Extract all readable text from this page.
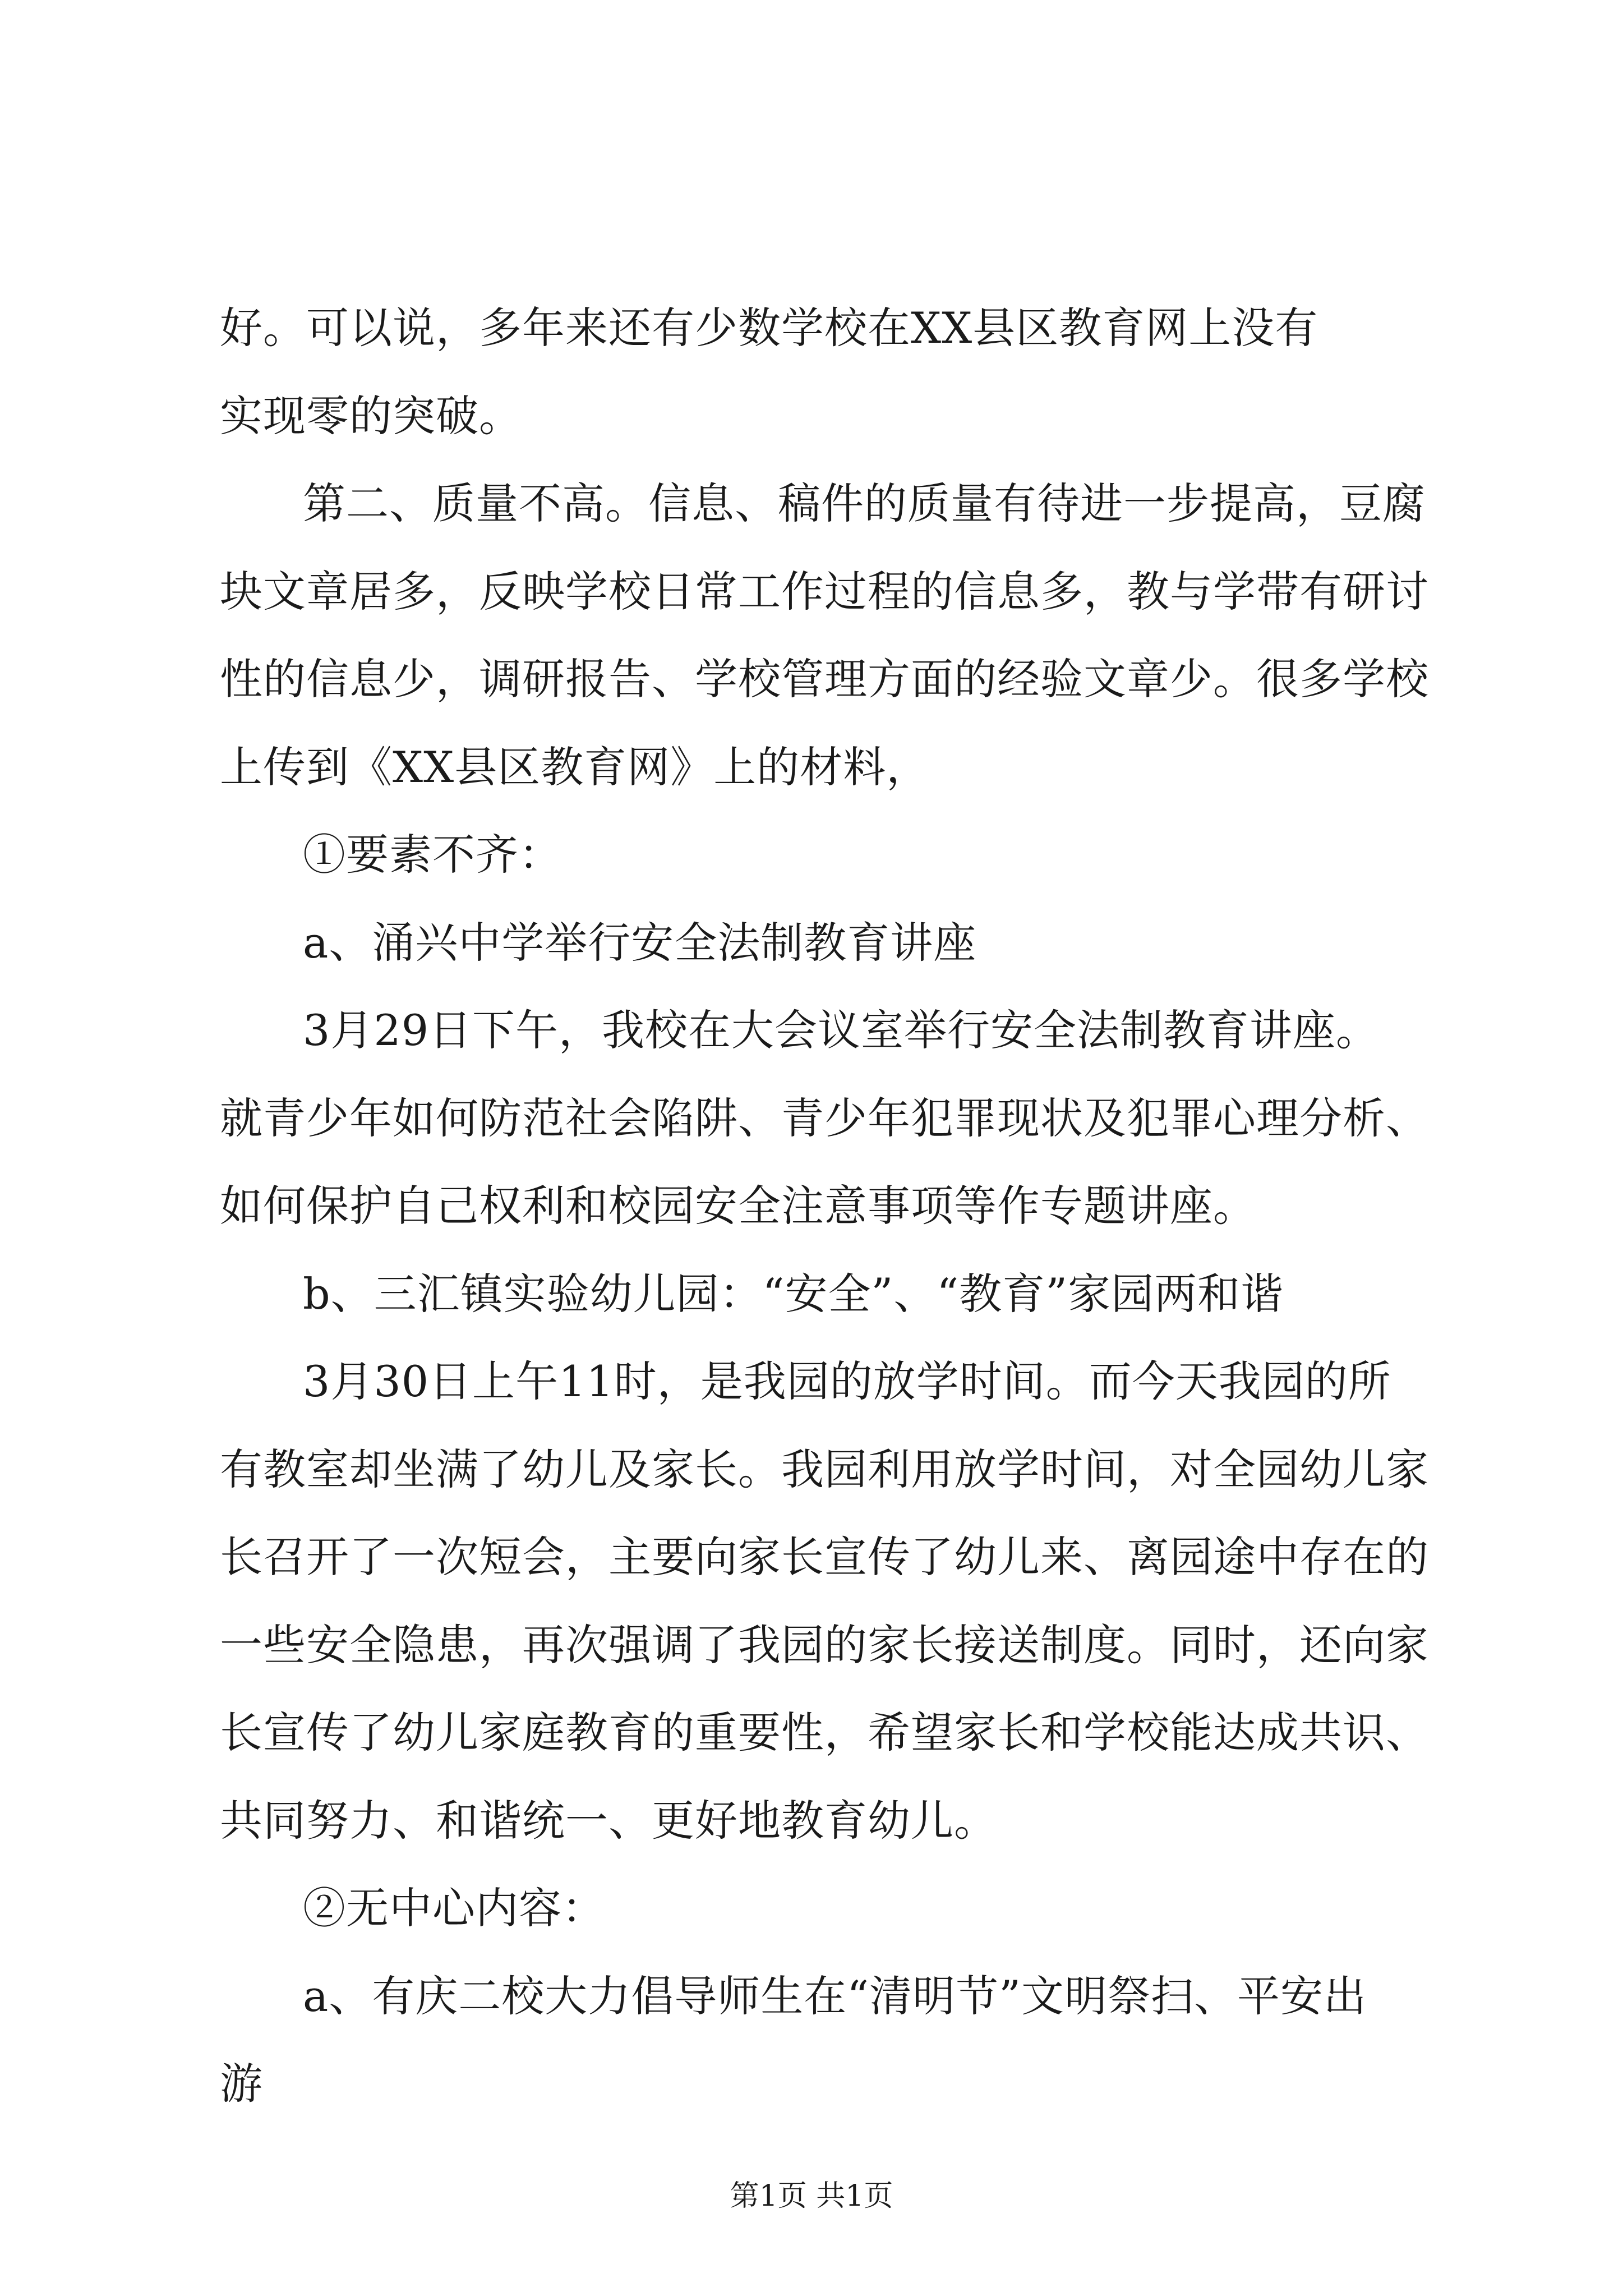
好。可以说，多年来还有少数学校在XX县区教育网上没有
实现零的突破。
第二、质量不高。信息、稿件的质量有待进一步提高，豆腐
块文章居多，反映学校日常工作过程的信息多，教与学带有研讨
性的信息少，调研报告、学校管理方面的经验文章少。很多学校
上传到《XX县区教育网》上的材料，
①要素不齐：
a、涌兴中学举行安全法制教育讲座
3月29日下午，我校在大会议室举行安全法制教育讲座。
就青少年如何防范社会陷阱、青少年犯罪现状及犯罪心理分析、
如何保护自己权利和校园安全注意事项等作专题讲座。
b、三汇镇实验幼儿园：“安全”、“教育”家园两和谐
3月30日上午11时，是我园的放学时间。而今天我园的所
有教室却坐满了幼儿及家长。我园利用放学时间，对全园幼儿家
长召开了一次短会，主要向家长宣传了幼儿来、离园途中存在的
一些安全隐患，再次强调了我园的家长接送制度。同时，还向家
长宣传了幼儿家庭教育的重要性，希望家长和学校能达成共识、
共同努力、和谐统一、更好地教育幼儿。
②无中心内容：
a、有庆二校大力倡导师生在“清明节”文明祭扫、平安出
游
第1页 共1页
